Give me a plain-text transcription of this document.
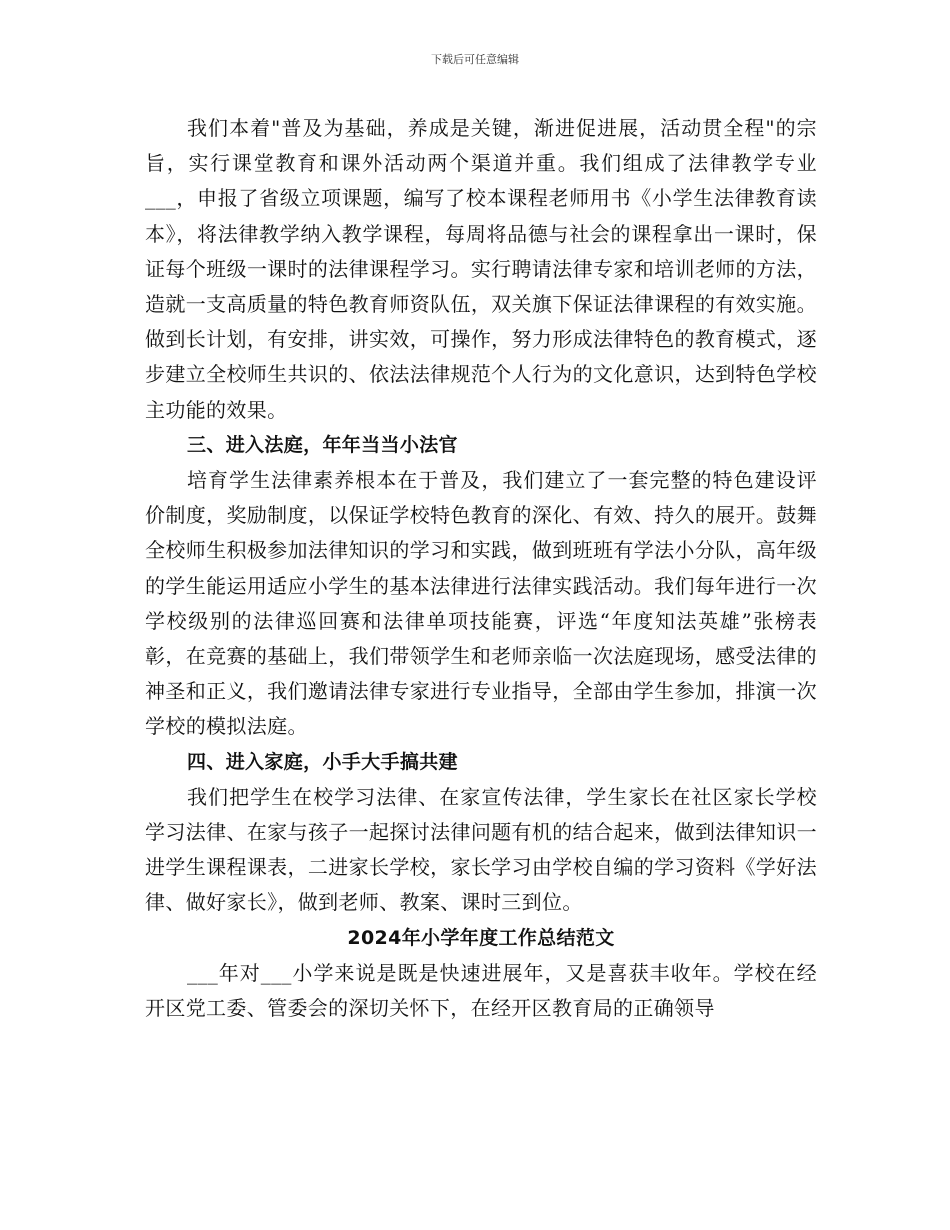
下载后可任意编辑

我们本着"普及为基础，养成是关键，渐进促进展，活动贯全程"的宗旨，实行课堂教育和课外活动两个渠道并重。我们组成了法律教学专业___，申报了省级立项课题，编写了校本课程老师用书《小学生法律教育读本》，将法律教学纳入教学课程，每周将品德与社会的课程拿出一课时，保证每个班级一课时的法律课程学习。实行聘请法律专家和培训老师的方法，造就一支高质量的特色教育师资队伍，双关旗下保证法律课程的有效实施。做到长计划，有安排，讲实效，可操作，努力形成法律特色的教育模式，逐步建立全校师生共识的、依法法律规范个人行为的文化意识，达到特色学校主功能的效果。

三、进入法庭，年年当当小法官

培育学生法律素养根本在于普及，我们建立了一套完整的特色建设评价制度，奖励制度，以保证学校特色教育的深化、有效、持久的展开。鼓舞全校师生积极参加法律知识的学习和实践，做到班班有学法小分队，高年级的学生能运用适应小学生的基本法律进行法律实践活动。我们每年进行一次学校级别的法律巡回赛和法律单项技能赛，评选“年度知法英雄”张榜表彰，在竞赛的基础上，我们带领学生和老师亲临一次法庭现场，感受法律的神圣和正义，我们邀请法律专家进行专业指导，全部由学生参加，排演一次学校的模拟法庭。

四、进入家庭，小手大手搞共建

我们把学生在校学习法律、在家宣传法律，学生家长在社区家长学校学习法律、在家与孩子一起探讨法律问题有机的结合起来，做到法律知识一进学生课程课表，二进家长学校，家长学习由学校自编的学习资料《学好法律、做好家长》，做到老师、教案、课时三到位。

2024年小学年度工作总结范文

___年对___小学来说是既是快速进展年，又是喜获丰收年。学校在经开区党工委、管委会的深切关怀下，在经开区教育局的正确领导
